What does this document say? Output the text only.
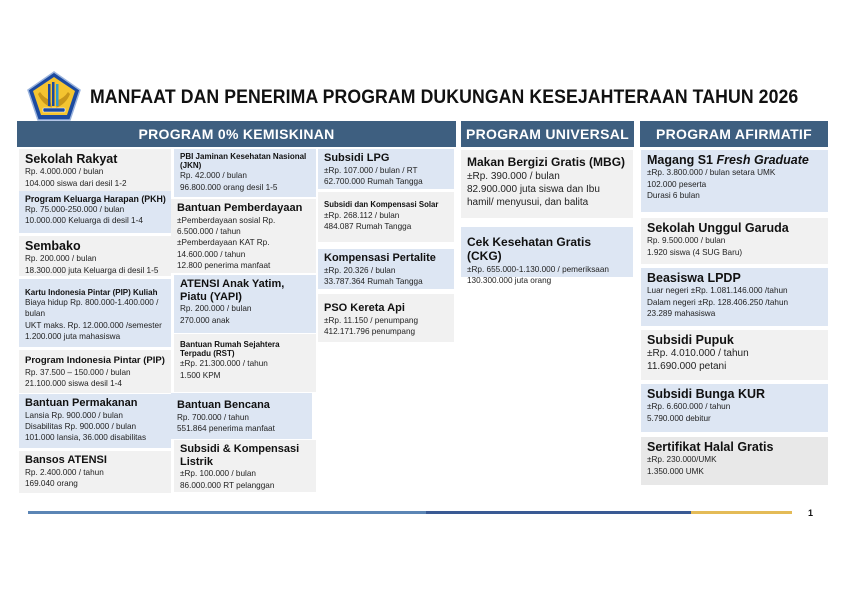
MANFAAT DAN PENERIMA PROGRAM DUKUNGAN KESEJAHTERAAN TAHUN 2026
PROGRAM 0% KEMISKINAN	PROGRAM UNIVERSAL	PROGRAM AFIRMATIF
Sekolah Rakyat
Rp. 4.000.000 / bulan
104.000 siswa dari desil 1-2
Program Keluarga Harapan (PKH)
Rp. 75.000-250.000 / bulan
10.000.000 Keluarga di desil 1-4
Sembako
Rp. 200.000 / bulan
18.300.000 juta Keluarga di desil 1-5
Kartu Indonesia Pintar (PIP) Kuliah
Biaya hidup Rp. 800.000-1.400.000 / bulan
UKT maks. Rp. 12.000.000 /semester
1.200.000 juta mahasiswa
Program Indonesia Pintar (PIP)
Rp. 37.500 – 150.000 / bulan
21.100.000 siswa desil 1-4
Bantuan Permakanan
Lansia Rp. 900.000 / bulan
Disabilitas Rp. 900.000 / bulan
101.000 lansia, 36.000 disabilitas
Bansos ATENSI
Rp. 2.400.000 / tahun
169.040 orang
PBI Jaminan Kesehatan Nasional (JKN)
Rp. 42.000 / bulan
96.800.000 orang desil 1-5
Bantuan Pemberdayaan
±Pemberdayaan sosial Rp. 6.500.000 / tahun
±Pemberdayaan KAT Rp. 14.600.000 / tahun
12.800 penerima manfaat
ATENSI Anak Yatim, Piatu (YAPI)
Rp. 200.000 / bulan
270.000 anak
Bantuan Rumah Sejahtera Terpadu (RST)
±Rp. 21.300.000 / tahun
1.500 KPM
Bantuan Bencana
Rp. 700.000 / tahun
551.864 penerima manfaat
Subsidi & Kompensasi Listrik
±Rp. 100.000 / bulan
86.000.000 RT pelanggan
Subsidi LPG
±Rp. 107.000 / bulan / RT
62.700.000 Rumah Tangga
Subsidi dan Kompensasi Solar
±Rp. 268.112 / bulan
484.087 Rumah Tangga
Kompensasi Pertalite
±Rp. 20.326 / bulan
33.787.364 Rumah Tangga
PSO Kereta Api
±Rp. 11.150 / penumpang
412.171.796 penumpang
Makan Bergizi Gratis (MBG)
±Rp. 390.000 / bulan
82.900.000 juta siswa dan Ibu hamil/ menyusui, dan balita
Cek Kesehatan Gratis (CKG)
±Rp. 655.000-1.130.000 / pemeriksaan
130.300.000 juta orang
Magang S1 Fresh Graduate
±Rp. 3.800.000 / bulan setara UMK
102.000 peserta
Durasi 6 bulan
Sekolah Unggul Garuda
Rp. 9.500.000 / bulan
1.920 siswa (4 SUG Baru)
Beasiswa LPDP
Luar negeri ±Rp. 1.081.146.000 /tahun
Dalam negeri ±Rp. 128.406.250 /tahun
23.289 mahasiswa
Subsidi Pupuk
±Rp. 4.010.000 / tahun
11.690.000 petani
Subsidi Bunga KUR
±Rp. 6.600.000 / tahun
5.790.000 debitur
Sertifikat Halal Gratis
±Rp. 230.000/UMK
1.350.000 UMK
1
